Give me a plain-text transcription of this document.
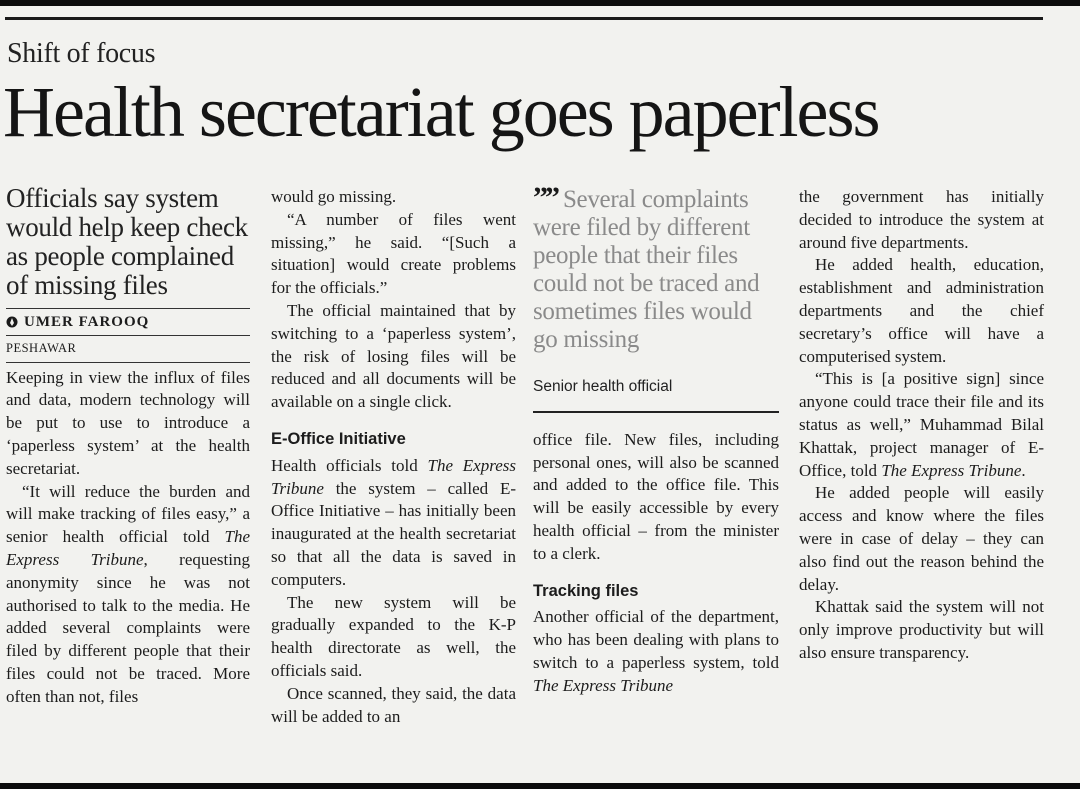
Shift of focus
Health secretariat goes paperless
Officials say system would help keep check as people complained of missing files
UMER FAROOQ
PESHAWAR

Keeping in view the influx of files and data, modern technology will be put to use to introduce a ‘paperless system’ at the health secretariat.

“It will reduce the burden and will make tracking of files easy,” a senior health official told The Express Tribune, requesting anonymity since he was not authorised to talk to the media. He added several complaints were filed by different people that their files could not be traced. More often than not, files

would go missing.

“A number of files went missing,” he said. “[Such a situation] would create problems for the officials.”

The official maintained that by switching to a ‘paperless system’, the risk of losing files will be reduced and all documents will be available on a single click.

E-Office Initiative

Health officials told The Express Tribune the system – called E-Office Initiative – has initially been inaugurated at the health secretariat so that all the data is saved in computers.

The new system will be gradually expanded to the K-P health directorate as well, the officials said.

Once scanned, they said, the data will be added to an

”” Several complaints were filed by different people that their files could not be traced and sometimes files would go missing
Senior health official

office file. New files, including personal ones, will also be scanned and added to the office file. This will be easily accessible by every health official – from the minister to a clerk.

Tracking files

Another official of the department, who has been dealing with plans to switch to a paperless system, told The Express Tribune

the government has initially decided to introduce the system at around five departments.

He added health, education, establishment and administration departments and the chief secretary’s office will have a computerised system.

“This is [a positive sign] since anyone could trace their file and its status as well,” Muhammad Bilal Khattak, project manager of E-Office, told The Express Tribune.

He added people will easily access and know where the files were in case of delay – they can also find out the reason behind the delay.

Khattak said the system will not only improve productivity but will also ensure transparency.
